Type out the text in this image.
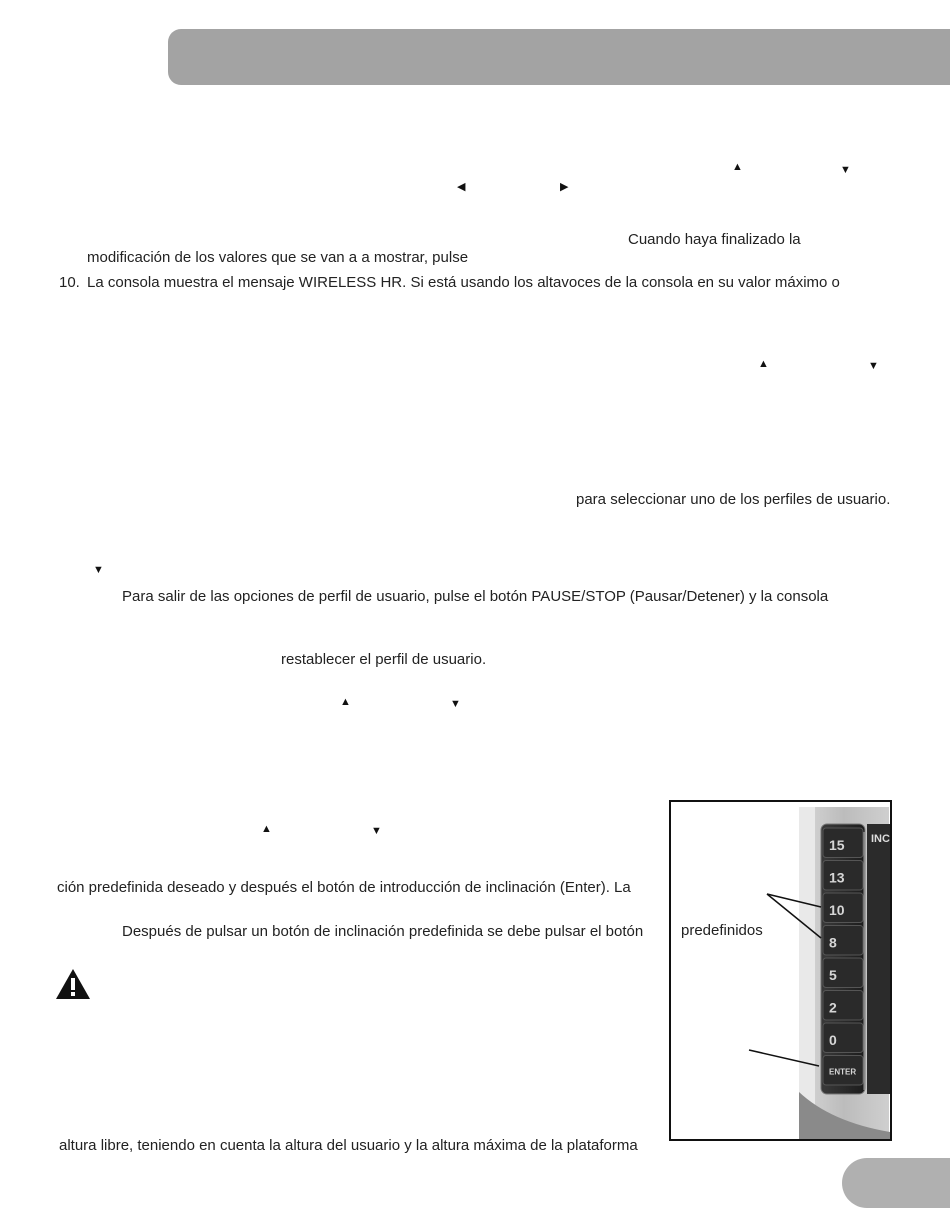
▲	▼
◀	▶
Cuando haya finalizado la
modificación de los valores que se van a a mostrar, pulse
10. La consola muestra el mensaje WIRELESS HR. Si está usando los altavoces de la consola en su valor máximo o
▲	▼
para seleccionar uno de los perfiles de usuario.
▼
Para salir de las opciones de perfil de usuario, pulse el botón PAUSE/STOP (Pausar/Detener) y la consola
restablecer el perfil de usuario.
▲	▼
▲	▼
ción predefinida deseado y después el botón de introducción de inclinación (Enter). La
Después de pulsar un botón de inclinación predefinida se debe pulsar el botón
altura libre, teniendo en cuenta la altura del usuario y la altura máxima de la plataforma
INC
15
13
10
8
5
2
0
ENTER
predefinidos
